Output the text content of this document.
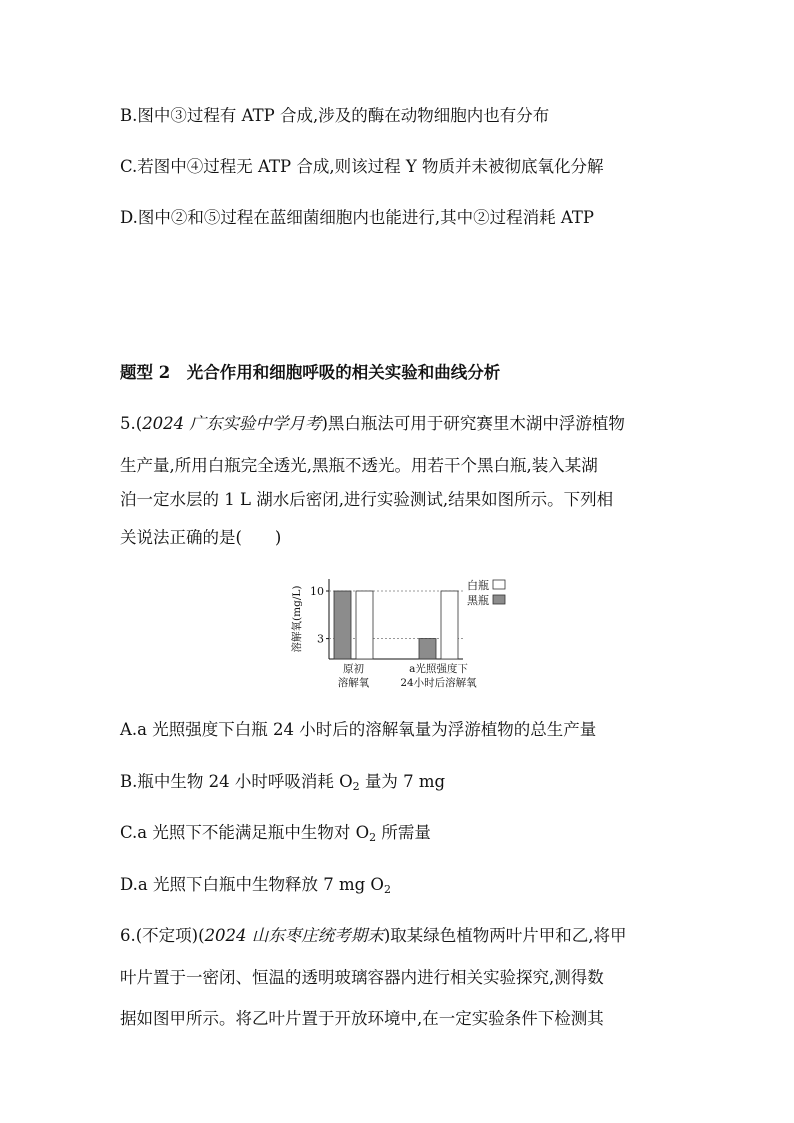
B.图中③过程有 ATP 合成,涉及的酶在动物细胞内也有分布
C.若图中④过程无 ATP 合成,则该过程 Y 物质并未被彻底氧化分解
D.图中②和⑤过程在蓝细菌细胞内也能进行,其中②过程消耗 ATP
题型 2　光合作用和细胞呼吸的相关实验和曲线分析
5.(2024 广东实验中学月考)黑白瓶法可用于研究赛里木湖中浮游植物
生产量,所用白瓶完全透光,黑瓶不透光。用若干个黑白瓶,装入某湖
泊一定水层的 1 L 湖水后密闭,进行实验测试,结果如图所示。下列相
关说法正确的是(　　)
溶解氧(mg/L) 3
10
原初
溶解氧
a光照强度下
24小时后溶解氧
白瓶
黑瓶
A.a 光照强度下白瓶 24 小时后的溶解氧量为浮游植物的总生产量
B.瓶中生物 24 小时呼吸消耗 $O_2$ 量为 7 mg
C.a 光照下不能满足瓶中生物对 $O_2$ 所需量
D.a 光照下白瓶中生物释放 7 mg $O_2$
6.(不定项)(2024 山东枣庄统考期末)取某绿色植物两叶片甲和乙,将甲
叶片置于一密闭、恒温的透明玻璃容器内进行相关实验探究,测得数
据如图甲所示。将乙叶片置于开放环境中,在一定实验条件下检测其
